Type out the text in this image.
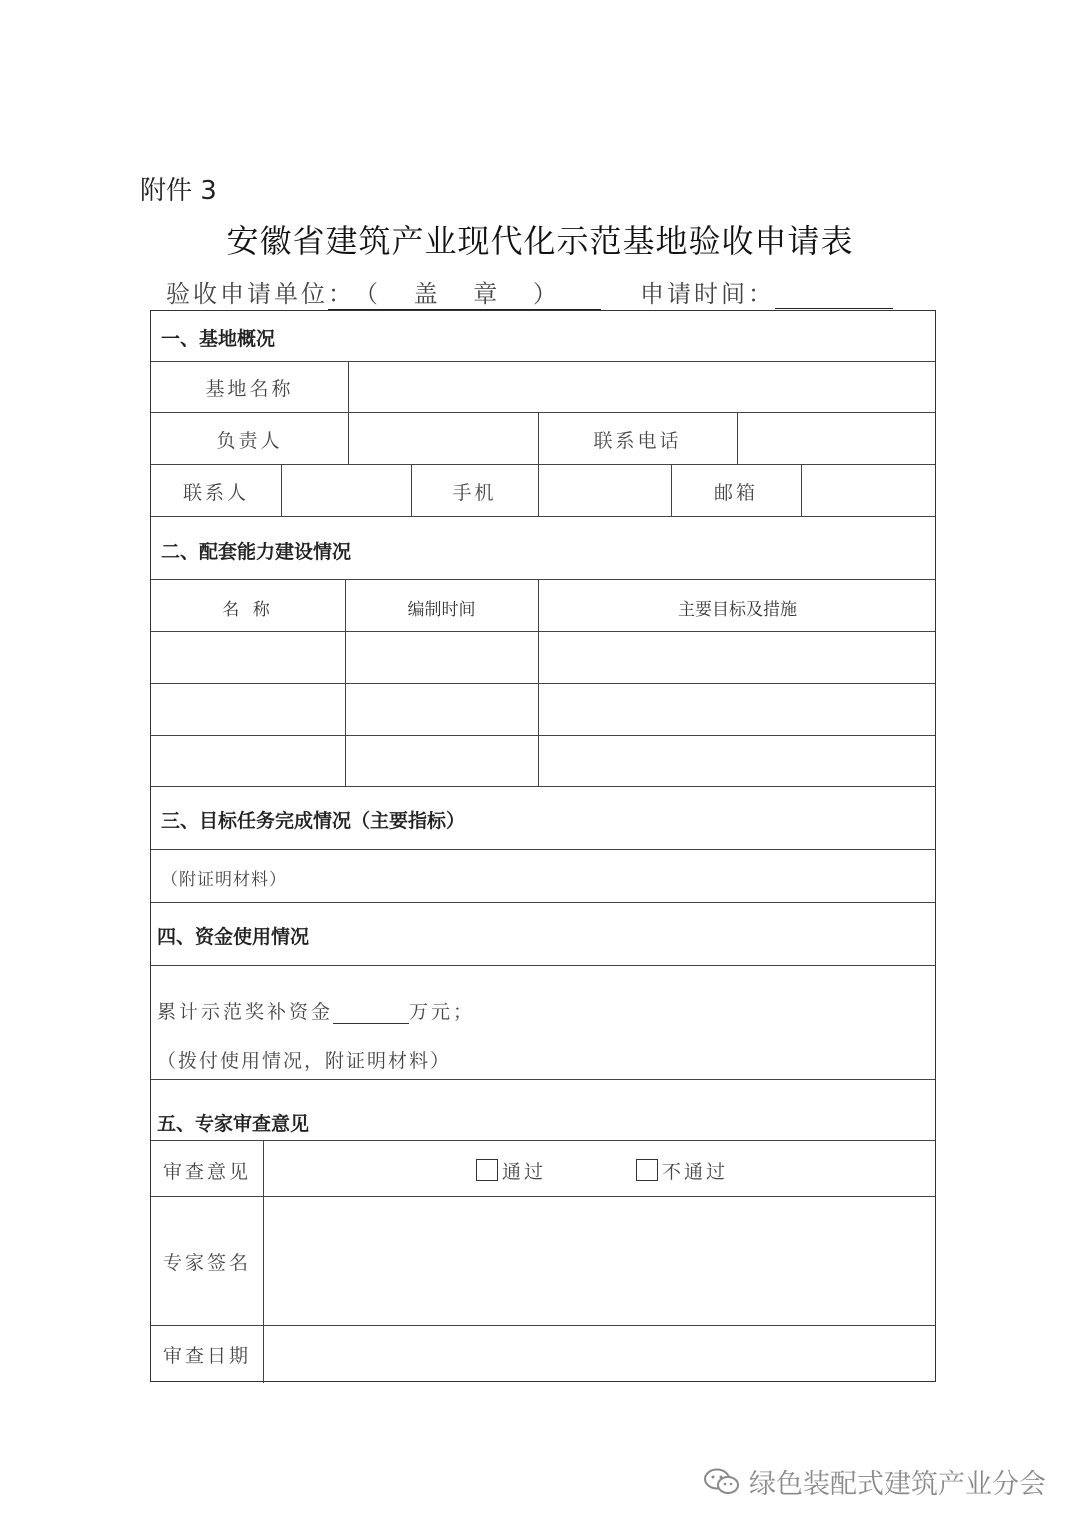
附件 3
安徽省建筑产业现代化示范基地验收申请表
验收申请单位：（ 盖 章 ）	申请时间：
一、基地概况
基地名称
负责人	联系电话
联系人	手机	邮箱
二、配套能力建设情况
名 称	编制时间	主要目标及措施
三、目标任务完成情况（主要指标）
（附证明材料）
四、资金使用情况
累计示范奖补资金	万元；
（拨付使用情况，附证明材料）
五、专家审查意见
审查意见	通过	不通过
专家签名
审查日期
绿色装配式建筑产业分会
